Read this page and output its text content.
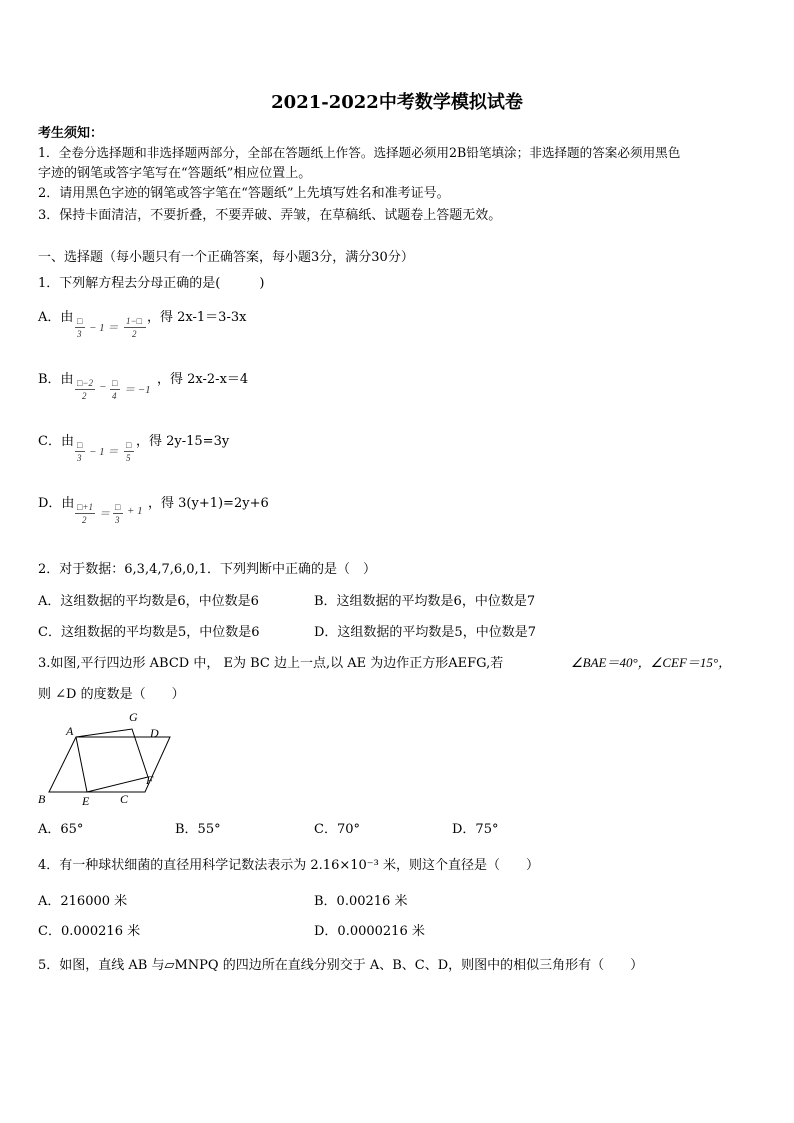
2021-2022中考数学模拟试卷
考生须知：
1．全卷分选择题和非选择题两部分，全部在答题纸上作答。选择题必须用2B铅笔填涂；非选择题的答案必须用黑色
字迹的钢笔或答字笔写在“答题纸”相应位置上。
2．请用黑色字迹的钢笔或答字笔在“答题纸”上先填写姓名和准考证号。
3．保持卡面清洁，不要折叠，不要弄破、弄皱，在草稿纸、试题卷上答题无效。
一、选择题（每小题只有一个正确答案，每小题3分，满分30分）
1．下列解方程去分母正确的是(　　　)
A．由 □
3 − 1 ＝
1−□
2
，得 2x-1＝3-3x
B．由 □−2
2
− □
4 ＝ −1
，得 2x-2-x＝4
C．由 □
3 − 1 ＝
□
5
，得 2y-15=3y
D．由 □+1
2 ＝
□
3
+ 1 ，得 3(y+1)=2y+6
2．对于数据：6,3,4,7,6,0,1．下列判断中正确的是（　）
A．这组数据的平均数是6，中位数是6	B．这组数据的平均数是6，中位数是7
C．这组数据的平均数是5，中位数是6	D．这组数据的平均数是5，中位数是7
3.如图,平行四边形 ABCD 中， E为 BC 边上一点,以 AE 为边作正方形AEFG,若	∠BAE＝40°，∠CEF＝15°，
则 ∠D 的度数是（　　）
A
G
D
F
B	E	C
A．65°	B．55°	C．70°	D．75°
4．有一种球状细菌的直径用科学记数法表示为 2.16×10⁻³ 米，则这个直径是（　　）
A．216000 米	B．0.00216 米
C．0.000216 米	D．0.0000216 米
5．如图，直线 AB 与▱MNPQ 的四边所在直线分别交于 A、B、C、D，则图中的相似三角形有（　　）
